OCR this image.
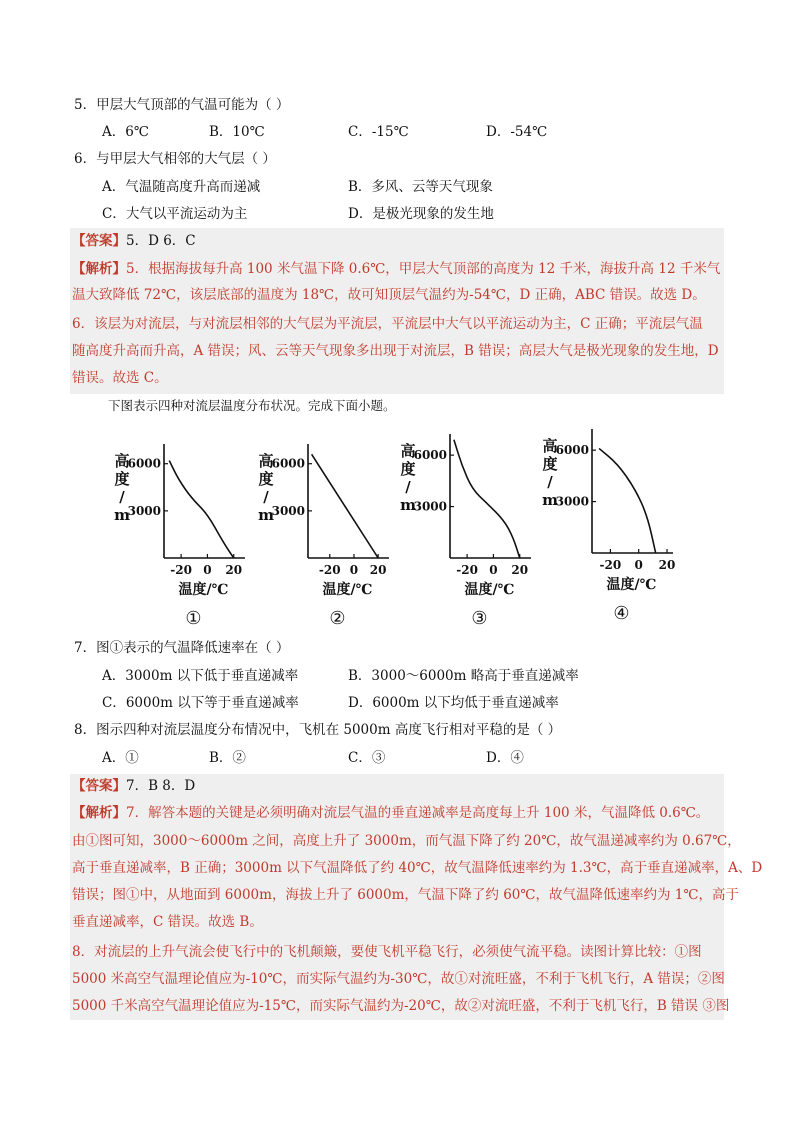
5．甲层大气顶部的气温可能为（ ）
A．6℃	B．10℃	C．-15℃	D．-54℃
6．与甲层大气相邻的大气层（ ）
A．气温随高度升高而递减	B．多风、云等天气现象
C．大气以平流运动为主	D．是极光现象的发生地
【答案】5．D 6．C
【解析】5．根据海拔每升高 100 米气温下降 0.6℃，甲层大气顶部的高度为 12 千米，海拔升高 12 千米气
温大致降低 72℃，该层底部的温度为 18℃，故可知顶层气温约为-54℃，D 正确，ABC 错误。故选 D。
6．该层为对流层，与对流层相邻的大气层为平流层，平流层中大气以平流运动为主，C 正确；平流层气温
随高度升高而升高，A 错误；风、云等天气现象多出现于对流层，B 错误；高层大气是极光现象的发生地，D
错误。故选 C。
下图表示四种对流层温度分布状况。完成下面小题。
6000
3000
高
度
/
m
-20 0 20
温度/℃
①
6000
3000
高
度
/
m
-20 0 20
温度/℃
②
6000
3000
高
度
/
m
-20 0 20
温度/℃
③
6000
3000
高
度
/
m
-20 0 20
温度/℃
④
7．图①表示的气温降低速率在（ ）
A．3000m 以下低于垂直递减率	B．3000～6000m 略高于垂直递减率
C．6000m 以下等于垂直递减率	D．6000m 以下均低于垂直递减率
8．图示四种对流层温度分布情况中，飞机在 5000m 高度飞行相对平稳的是（ ）
A．①	B．②	C．③	D．④
【答案】7．B 8．D
【解析】7．解答本题的关键是必须明确对流层气温的垂直递减率是高度每上升 100 米，气温降低 0.6℃。
由①图可知，3000～6000m 之间，高度上升了 3000m，而气温下降了约 20℃，故气温递减率约为 0.67℃，
高于垂直递减率，B 正确；3000m 以下气温降低了约 40℃，故气温降低速率约为 1.3℃，高于垂直递减率，A、D
错误；图①中，从地面到 6000m，海拔上升了 6000m，气温下降了约 60℃，故气温降低速率约为 1℃，高于
垂直递减率，C 错误。故选 B。
8．对流层的上升气流会使飞行中的飞机颠簸，要使飞机平稳飞行，必须使气流平稳。读图计算比较：①图
5000 米高空气温理论值应为-10℃，而实际气温约为-30℃，故①对流旺盛，不利于飞机飞行，A 错误；②图
5000 千米高空气温理论值应为-15℃，而实际气温约为-20℃，故②对流旺盛，不利于飞机飞行，B 错误 ③图
